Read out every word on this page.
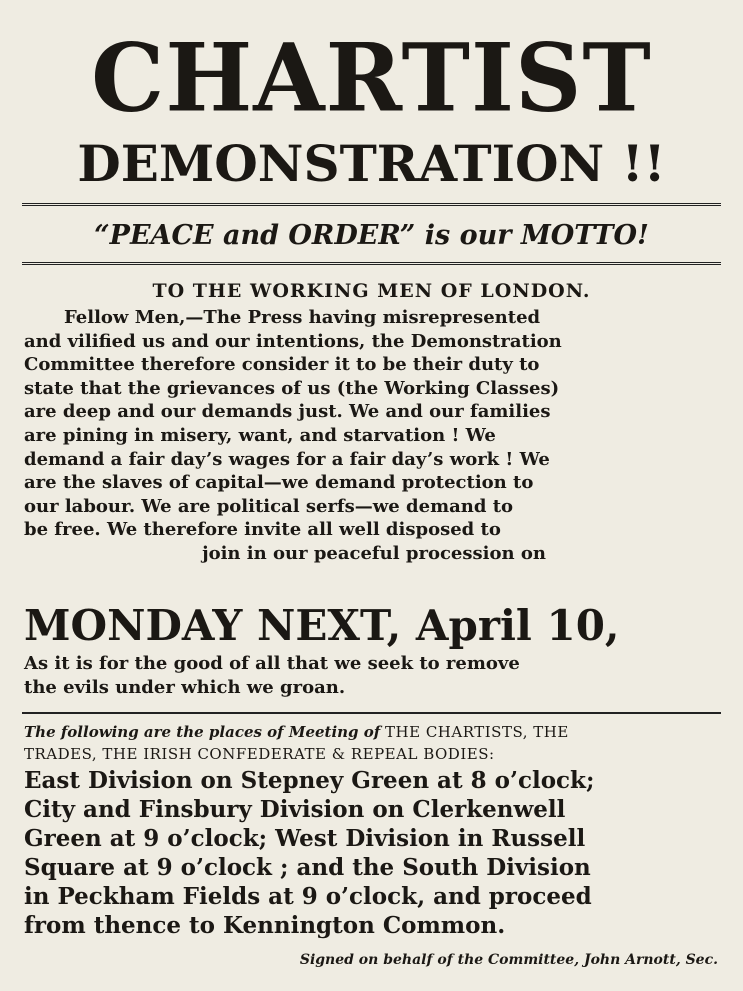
CHARTIST
DEMONSTRATION !!
“PEACE and ORDER” is our MOTTO!
TO THE WORKING MEN OF LONDON.
Fellow Men,—The Press having misrepresented
and vilified us and our intentions, the Demonstration
Committee therefore consider it to be their duty to
state that the grievances of us (the Working Classes)
are deep and our demands just. We and our families
are pining in misery, want, and starvation ! We
demand a fair day’s wages for a fair day’s work ! We
are the slaves of capital—we demand protection to
our labour. We are political serfs—we demand to
be free. We therefore invite all well disposed to
join in our peaceful procession on
MONDAY NEXT, April 10,
As it is for the good of all that we seek to remove
the evils under which we groan.
The following are the places of Meeting of THE CHARTISTS, THE
TRADES, THE IRISH CONFEDERATE & REPEAL BODIES:
East Division on Stepney Green at 8 o’clock;
City and Finsbury Division on Clerkenwell
Green at 9 o’clock; West Division in Russell
Square at 9 o’clock ; and the South Division
in Peckham Fields at 9 o’clock, and proceed
from thence to Kennington Common.
Signed on behalf of the Committee, John Arnott, Sec.
